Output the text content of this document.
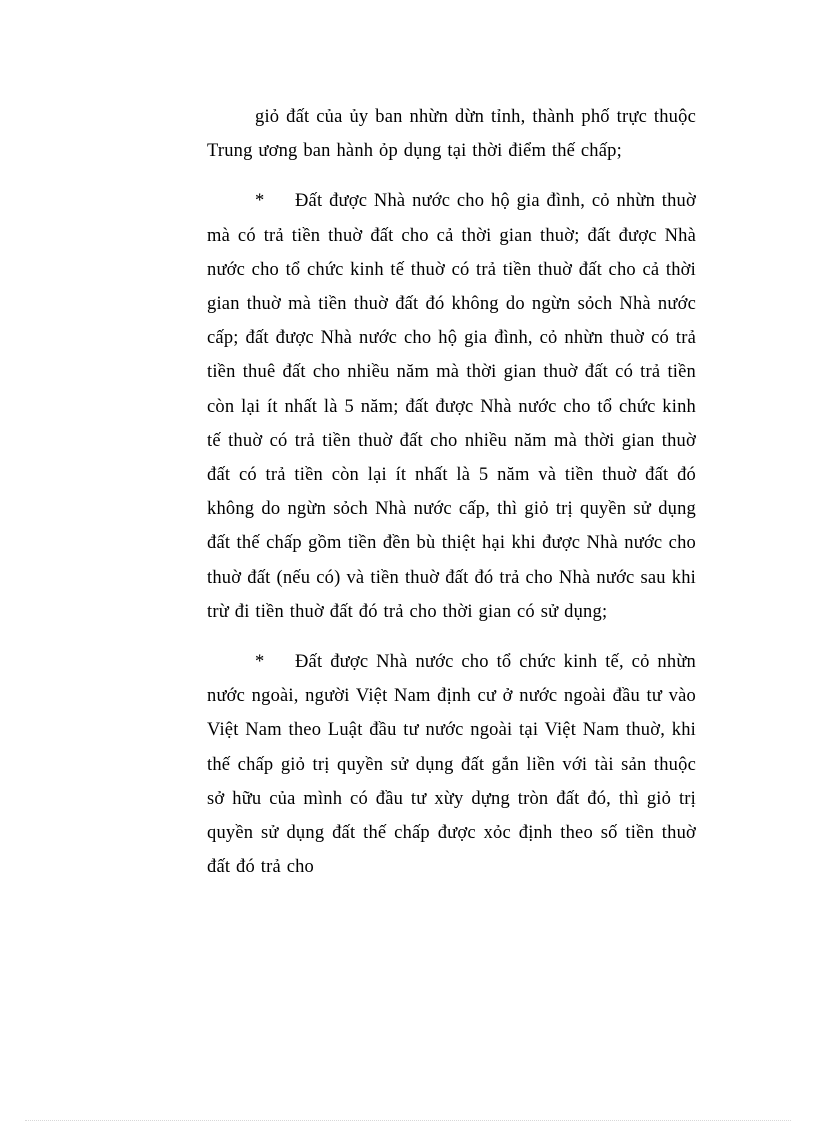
giỏ đất của ủy ban nhừn dừn tỉnh, thành phố trực thuộc Trung ương ban hành ỏp dụng tại thời điểm thế chấp;

* Đất được Nhà nước cho hộ gia đình, cỏ nhừn thuờ mà có trả tiền thuờ đất cho cả thời gian thuờ; đất được Nhà nước cho tổ chức kinh tế thuờ có trả tiền thuờ đất cho cả thời gian thuờ mà tiền thuờ đất đó không do ngừn sỏch Nhà nước cấp; đất được Nhà nước cho hộ gia đình, cỏ nhừn thuờ có trả tiền thuê đất cho nhiều năm mà thời gian thuờ đất có trả tiền còn lại ít nhất là 5 năm; đất được Nhà nước cho tổ chức kinh tế thuờ có trả tiền thuờ đất cho nhiều năm mà thời gian thuờ đất có trả tiền còn lại ít nhất là 5 năm và tiền thuờ đất đó không do ngừn sỏch Nhà nước cấp, thì giỏ trị quyền sử dụng đất thế chấp gồm tiền đền bù thiệt hại khi được Nhà nước cho thuờ đất (nếu có) và tiền thuờ đất đó trả cho Nhà nước sau khi trừ đi tiền thuờ đất đó trả cho thời gian có sử dụng;

* Đất được Nhà nước cho tổ chức kinh tế, cỏ nhừn nước ngoài, người Việt Nam định cư ở nước ngoài đầu tư vào Việt Nam theo Luật đầu tư nước ngoài tại Việt Nam thuờ, khi thế chấp giỏ trị quyền sử dụng đất gắn liền với tài sản thuộc sở hữu của mình có đầu tư xừy dựng tròn đất đó, thì giỏ trị quyền sử dụng đất thế chấp được xỏc định theo số tiền thuờ đất đó trả cho
